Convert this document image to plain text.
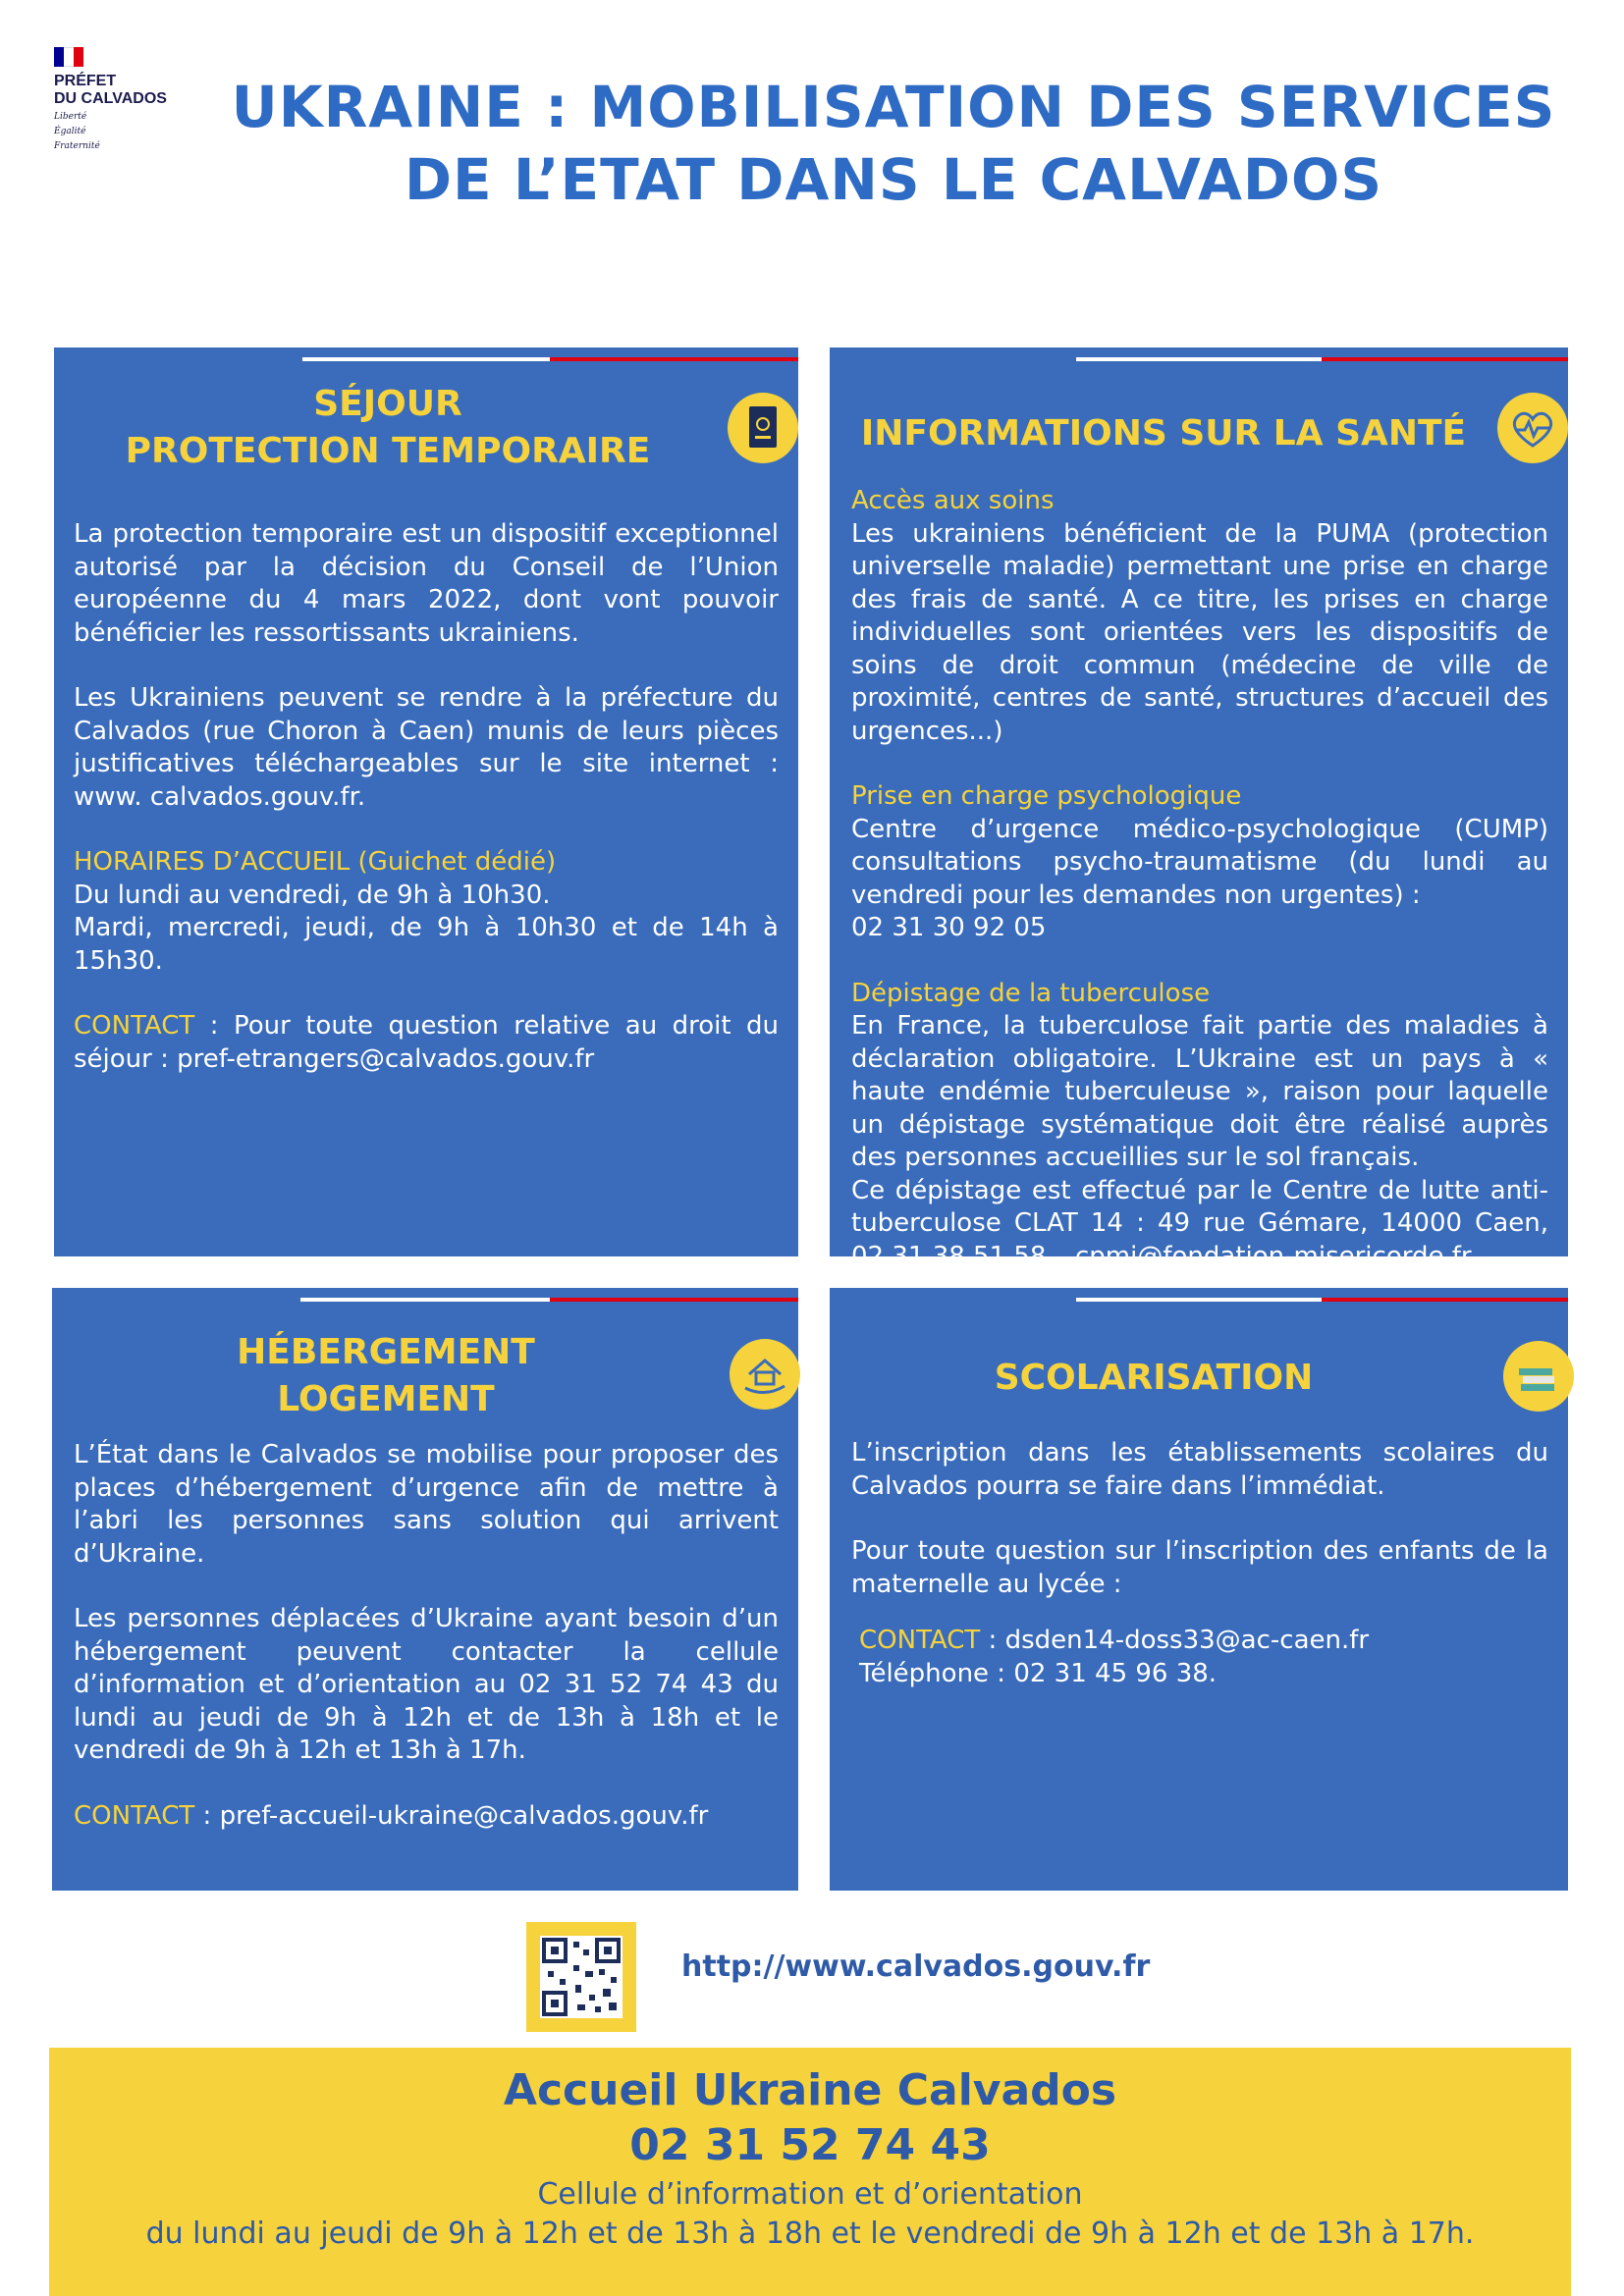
PRÉFET
DU CALVADOS
Liberté
Égalité
Fraternité
UKRAINE : MOBILISATION DES SERVICES
DE L’ETAT DANS LE CALVADOS
SÉJOUR
PROTECTION TEMPORAIRE

La protection temporaire est un dispositif exceptionnel autorisé par la décision du Conseil de l’Union européenne du 4 mars 2022, dont vont pouvoir bénéficier les ressortissants ukrainiens.

Les Ukrainiens peuvent se rendre à la préfecture du Calvados (rue Choron à Caen) munis de leurs pièces justificatives téléchargeables sur le site internet : www. calvados.gouv.fr.

HORAIRES D’ACCUEIL (Guichet dédié)
Du lundi au vendredi, de 9h à 10h30.
Mardi, mercredi, jeudi, de 9h à 10h30 et de 14h à 15h30.

CONTACT : Pour toute question relative au droit du séjour : pref-etrangers@calvados.gouv.fr

INFORMATIONS SUR LA SANTÉ

Accès aux soins
Les ukrainiens bénéficient de la PUMA (protection universelle maladie) permettant une prise en charge des frais de santé. A ce titre, les prises en charge individuelles sont orientées vers les dispositifs de soins de droit commun (médecine de ville de proximité, centres de santé, structures d’accueil des urgences...)

Prise en charge psychologique
Centre d’urgence médico-psychologique (CUMP) consultations psycho-traumatisme (du lundi au vendredi pour les demandes non urgentes) :
02 31 30 92 05

Dépistage de la tuberculose
En France, la tuberculose fait partie des maladies à déclaration obligatoire. L’Ukraine est un pays à « haute endémie tuberculeuse », raison pour laquelle un dépistage systématique doit être réalisé auprès des personnes accueillies sur le sol français.
Ce dépistage est effectué par le Centre de lutte anti-tuberculose CLAT 14 : 49 rue Gémare, 14000 Caen, 02 31 38 51 58 – cpmi@fondation-misericorde.fr

HÉBERGEMENT
LOGEMENT

L’État dans le Calvados se mobilise pour proposer des places d’hébergement d’urgence afin de mettre à l’abri les personnes sans solution qui arrivent d’Ukraine.

Les personnes déplacées d’Ukraine ayant besoin d’un hébergement peuvent contacter la cellule d’information et d’orientation au 02 31 52 74 43 du lundi au jeudi de 9h à 12h et de 13h à 18h et le vendredi de 9h à 12h et 13h à 17h.

CONTACT : pref-accueil-ukraine@calvados.gouv.fr

SCOLARISATION

L’inscription dans les établissements scolaires du Calvados pourra se faire dans l’immédiat.

Pour toute question sur l’inscription des enfants de la maternelle au lycée :

CONTACT : dsden14-doss33@ac-caen.fr
Téléphone : 02 31 45 96 38.

http://www.calvados.gouv.fr
Accueil Ukraine Calvados
02 31 52 74 43
Cellule d’information et d’orientation
du lundi au jeudi de 9h à 12h et de 13h à 18h et le vendredi de 9h à 12h et de 13h à 17h.
